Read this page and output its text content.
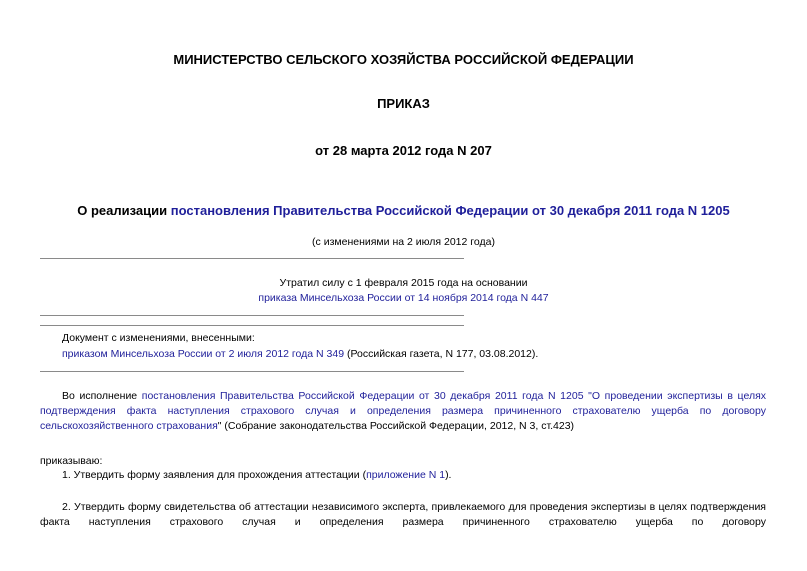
МИНИСТЕРСТВО СЕЛЬСКОГО ХОЗЯЙСТВА РОССИЙСКОЙ ФЕДЕРАЦИИ
ПРИКАЗ
от 28 марта 2012 года N 207
О реализации постановления Правительства Российской Федерации от 30 декабря 2011 года N 1205
(с изменениями на 2 июля 2012 года)
Утратил силу с 1 февраля 2015 года на основании
приказа Минсельхоза России от 14 ноября 2014 года N 447
Документ с изменениями, внесенными:
приказом Минсельхоза России от 2 июля 2012 года N 349 (Российская газета, N 177, 03.08.2012).
Во исполнение постановления Правительства Российской Федерации от 30 декабря 2011 года N 1205 "О проведении экспертизы в целях подтверждения факта наступления страхового случая и определения размера причиненного страхователю ущерба по договору сельскохозяйственного страхования" (Собрание законодательства Российской Федерации, 2012, N 3, ст.423)
приказываю:
1. Утвердить форму заявления для прохождения аттестации (приложение N 1).
2. Утвердить форму свидетельства об аттестации независимого эксперта, привлекаемого для проведения экспертизы в целях подтверждения факта наступления страхового случая и определения размера причиненного страхователю ущерба по договору
